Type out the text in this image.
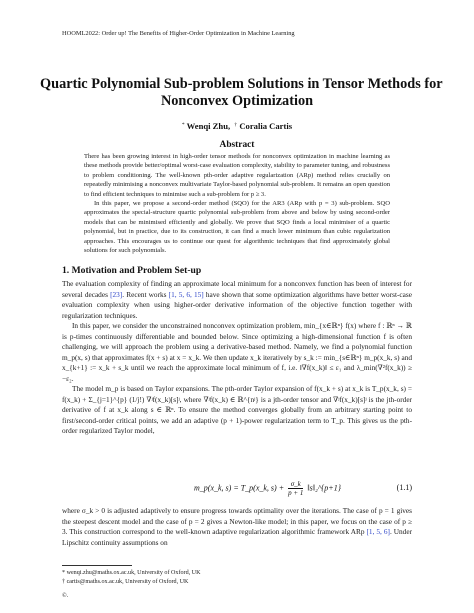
HOOML2022: Order up! The Benefits of Higher-Order Optimization in Machine Learning
Quartic Polynomial Sub-problem Solutions in Tensor Methods for
Nonconvex Optimization
* Wenqi Zhu, † Coralia Cartis
Abstract

There has been growing interest in high-order tensor methods for nonconvex optimization in machine learning as these methods provide better/optimal worst-case evaluation complexity, stability to parameter tuning, and robustness to problem conditioning. The well-known pth-order adaptive regularization (ARp) method relies crucially on repeatedly minimising a nonconvex multivariate Taylor-based polynomial sub-problem. It remains an open question to find efficient techniques to minimise such a sub-problem for p ≥ 3.

In this paper, we propose a second-order method (SQO) for the AR3 (ARp with p = 3) sub-problem. SQO approximates the special-structure quartic polynomial sub-problem from above and below by using second-order models that can be minimised efficiently and globally. We prove that SQO finds a local minimiser of a quartic polynomial, but in practice, due to its construction, it can find a much lower minimum than cubic regularization approaches. This encourages us to continue our quest for algorithmic techniques that find approximately global solutions for such polynomials.

1. Motivation and Problem Set-up

The evaluation complexity of finding an approximate local minimum for a nonconvex function has been of interest for several decades [23]. Recent works [1, 5, 6, 15] have shown that some optimization algorithms have better worst-case evaluation complexity when using higher-order derivative information of the objective function together with regularization techniques.

In this paper, we consider the unconstrained nonconvex optimization problem, min_{x∈ℝⁿ} f(x) where f : ℝⁿ → ℝ is p-times continuously differentiable and bounded below. Since optimizing a high-dimensional function f is often challenging, we will approach the problem using a derivative-based method. Namely, we find a polynomial function m_p(x, s) that approximates f(x + s) at x = x_k. We then update x_k iteratively by s_k := min_{s∈ℝⁿ} m_p(x_k, s) and x_{k+1} := x_k + s_k until we reach the approximate local minimum of f, i.e. ‖∇f(x_k)‖ ≤ ε₁ and λ_min(∇²f(x_k)) ≥ −ε₂.

The model m_p is based on Taylor expansions. The pth-order Taylor expansion of f(x_k + s) at x_k is T_p(x_k, s) = f(x_k) + Σ_{j=1}^{p} (1/j!) ∇ʲf(x_k)[s]ʲ, where ∇ʲf(x_k) ∈ ℝ^{nʲ} is a jth-order tensor and ∇ʲf(x_k)[s]ʲ is the jth-order derivative of f at x_k along s ∈ ℝⁿ. To ensure the method converges globally from an arbitrary starting point to first/second-order critical points, we add an adaptive (p + 1)-power regularization term to T_p. This gives us the pth-order regularized Taylor model,

m_p(x_k, s) = T_p(x_k, $s) + \frac{\sigma\_k}{p + 1}$ ‖s‖₂^{p+1}	(1.1)

where σ_k > 0 is adjusted adaptively to ensure progress towards optimality over the iterations. The case of p = 1 gives the steepest descent model and the case of p = 2 gives a Newton-like model; in this paper, we focus on the case of p ≥ 3. This construction correspond to the well-known adaptive regularization algorithmic framework ARp [1, 5, 6]. Under Lipschitz continuity assumptions on

* wenqi.zhu@maths.ox.ac.uk, University of Oxford, UK
† cartis@maths.ox.ac.uk, University of Oxford, UK
©.
